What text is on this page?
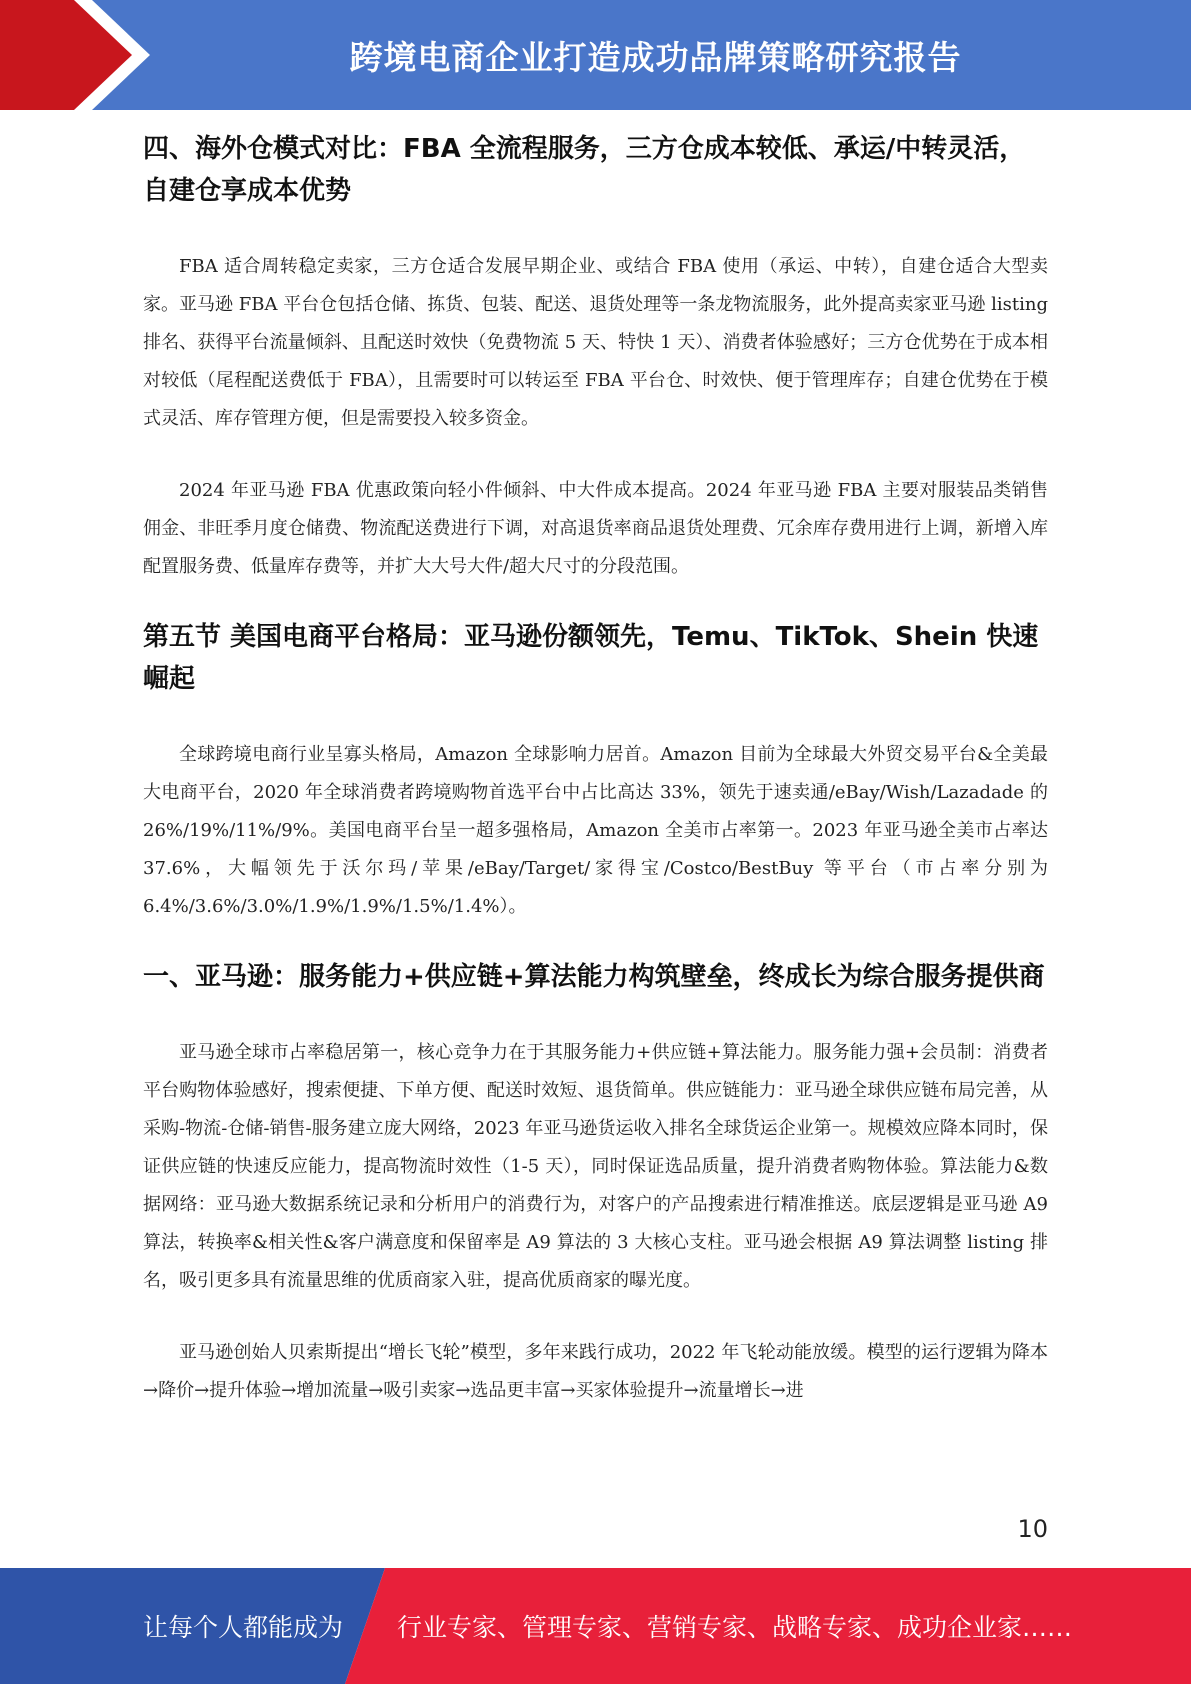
跨境电商企业打造成功品牌策略研究报告
四、海外仓模式对比：FBA 全流程服务，三方仓成本较低、承运/中转灵活，自建仓享成本优势

FBA 适合周转稳定卖家，三方仓适合发展早期企业、或结合 FBA 使用（承运、中转），自建仓适合大型卖家。亚马逊 FBA 平台仓包括仓储、拣货、包装、配送、退货处理等一条龙物流服务，此外提高卖家亚马逊 listing 排名、获得平台流量倾斜、且配送时效快（免费物流 5 天、特快 1 天）、消费者体验感好；三方仓优势在于成本相对较低（尾程配送费低于 FBA），且需要时可以转运至 FBA 平台仓、时效快、便于管理库存；自建仓优势在于模式灵活、库存管理方便，但是需要投入较多资金。

2024 年亚马逊 FBA 优惠政策向轻小件倾斜、中大件成本提高。2024 年亚马逊 FBA 主要对服装品类销售佣金、非旺季月度仓储费、物流配送费进行下调，对高退货率商品退货处理费、冗余库存费用进行上调，新增入库配置服务费、低量库存费等，并扩大大号大件/超大尺寸的分段范围。

第五节 美国电商平台格局：亚马逊份额领先，Temu、TikTok、Shein 快速崛起

全球跨境电商行业呈寡头格局，Amazon 全球影响力居首。Amazon 目前为全球最大外贸交易平台&全美最大电商平台，2020 年全球消费者跨境购物首选平台中占比高达 33%，领先于速卖通/eBay/Wish/Lazadade 的 26%/19%/11%/9%。美国电商平台呈一超多强格局，Amazon 全美市占率第一。2023 年亚马逊全美市占率达 37.6%，大幅领先于沃尔玛/苹果/eBay/Target/家得宝/Costco/BestBuy 等平台（市占率分别为 6.4%/3.6%/3.0%/1.9%/1.9%/1.5%/1.4%）。

一、亚马逊：服务能力+供应链+算法能力构筑壁垒，终成长为综合服务提供商

亚马逊全球市占率稳居第一，核心竞争力在于其服务能力+供应链+算法能力。服务能力强+会员制：消费者平台购物体验感好，搜索便捷、下单方便、配送时效短、退货简单。供应链能力：亚马逊全球供应链布局完善，从采购-物流-仓储-销售-服务建立庞大网络，2023 年亚马逊货运收入排名全球货运企业第一。规模效应降本同时，保证供应链的快速反应能力，提高物流时效性（1-5 天），同时保证选品质量，提升消费者购物体验。算法能力&数据网络：亚马逊大数据系统记录和分析用户的消费行为，对客户的产品搜索进行精准推送。底层逻辑是亚马逊 A9 算法，转换率&相关性&客户满意度和保留率是 A9 算法的 3 大核心支柱。亚马逊会根据 A9 算法调整 listing 排名，吸引更多具有流量思维的优质商家入驻，提高优质商家的曝光度。

亚马逊创始人贝索斯提出“增长飞轮”模型，多年来践行成功，2022 年飞轮动能放缓。模型的运行逻辑为降本→降价→提升体验→增加流量→吸引卖家→选品更丰富→买家体验提升→流量增长→进

10
让每个人都能成为 行业专家、管理专家、营销专家、战略专家、成功企业家……
